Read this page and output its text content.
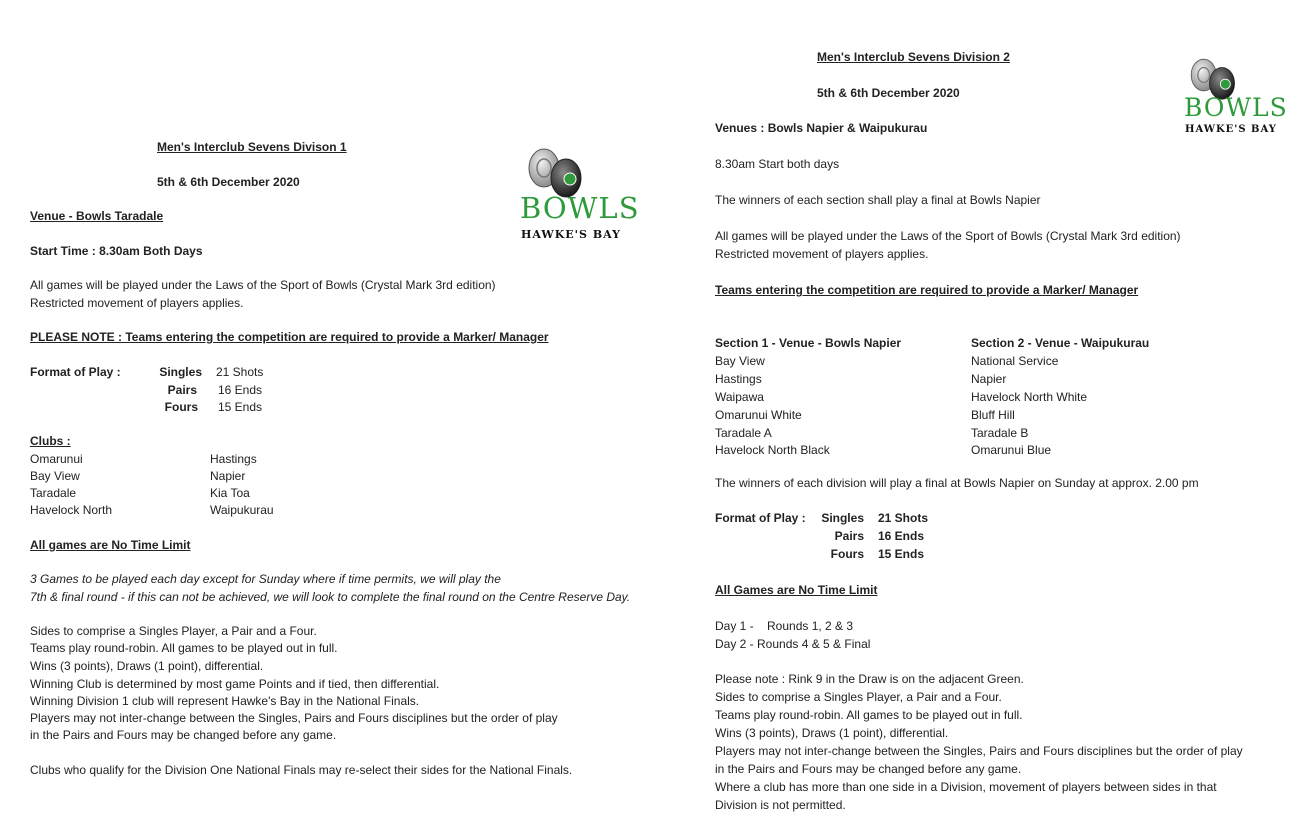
Men's Interclub Sevens Divison 1
5th & 6th December 2020
Venue - Bowls Taradale
Start Time : 8.30am Both Days
All games will be played under the Laws of the Sport of Bowls (Crystal Mark 3rd edition)
Restricted movement of players applies.
PLEASE NOTE : Teams entering the competition are required to provide a Marker/ Manager
Format of Play :	Singles 21 Shots
Pairs 16 Ends
Fours 15 Ends
Clubs :
Omarunui
Bay View
Taradale
Havelock North
Hastings
Napier
Kia Toa
Waipukurau
All games are No Time Limit
3 Games to be played each day except for Sunday where if time permits, we will play the
7th & final round - if this can not be achieved, we will look to complete the final round on the Centre Reserve Day.
Sides to comprise a Singles Player, a Pair and a Four.
Teams play round-robin. All games to be played out in full.
Wins (3 points), Draws (1 point), differential.
Winning Club is determined by most game Points and if tied, then differential.
Winning Division 1 club will represent Hawke's Bay in the National Finals.
Players may not inter-change between the Singles, Pairs and Fours disciplines but the order of play
in the Pairs and Fours may be changed before any game.
Clubs who qualify for the Division One National Finals may re-select their sides for the National Finals.
BOWLS
HAWKE'S BAY
Men's Interclub Sevens Division 2
5th & 6th December 2020
Venues : Bowls Napier & Waipukurau
8.30am Start both days
The winners of each section shall play a final at Bowls Napier
All games will be played under the Laws of the Sport of Bowls (Crystal Mark 3rd edition)
Restricted movement of players applies.
Teams entering the competition are required to provide a Marker/ Manager
Section 1 - Venue - Bowls Napier
Bay View
Hastings
Waipawa
Omarunui White
Taradale A
Havelock North Black
Section 2 - Venue - Waipukurau
National Service
Napier
Havelock North White
Bluff Hill
Taradale B
Omarunui Blue
The winners of each division will play a final at Bowls Napier on Sunday at approx. 2.00 pm
Format of Play :	Singles 21 Shots
Pairs 16 Ends
Fours 15 Ends
All Games are No Time Limit
Day 1 -    Rounds 1, 2 & 3
Day 2 - Rounds 4 & 5 & Final
Please note : Rink 9 in the Draw is on the adjacent Green.
Sides to comprise a Singles Player, a Pair and a Four.
Teams play round-robin. All games to be played out in full.
Wins (3 points), Draws (1 point), differential.
Players may not inter-change between the Singles, Pairs and Fours disciplines but the order of play
in the Pairs and Fours may be changed before any game.
Where a club has more than one side in a Division, movement of players between sides in that
Division is not permitted.
BOWLS
HAWKE'S BAY
